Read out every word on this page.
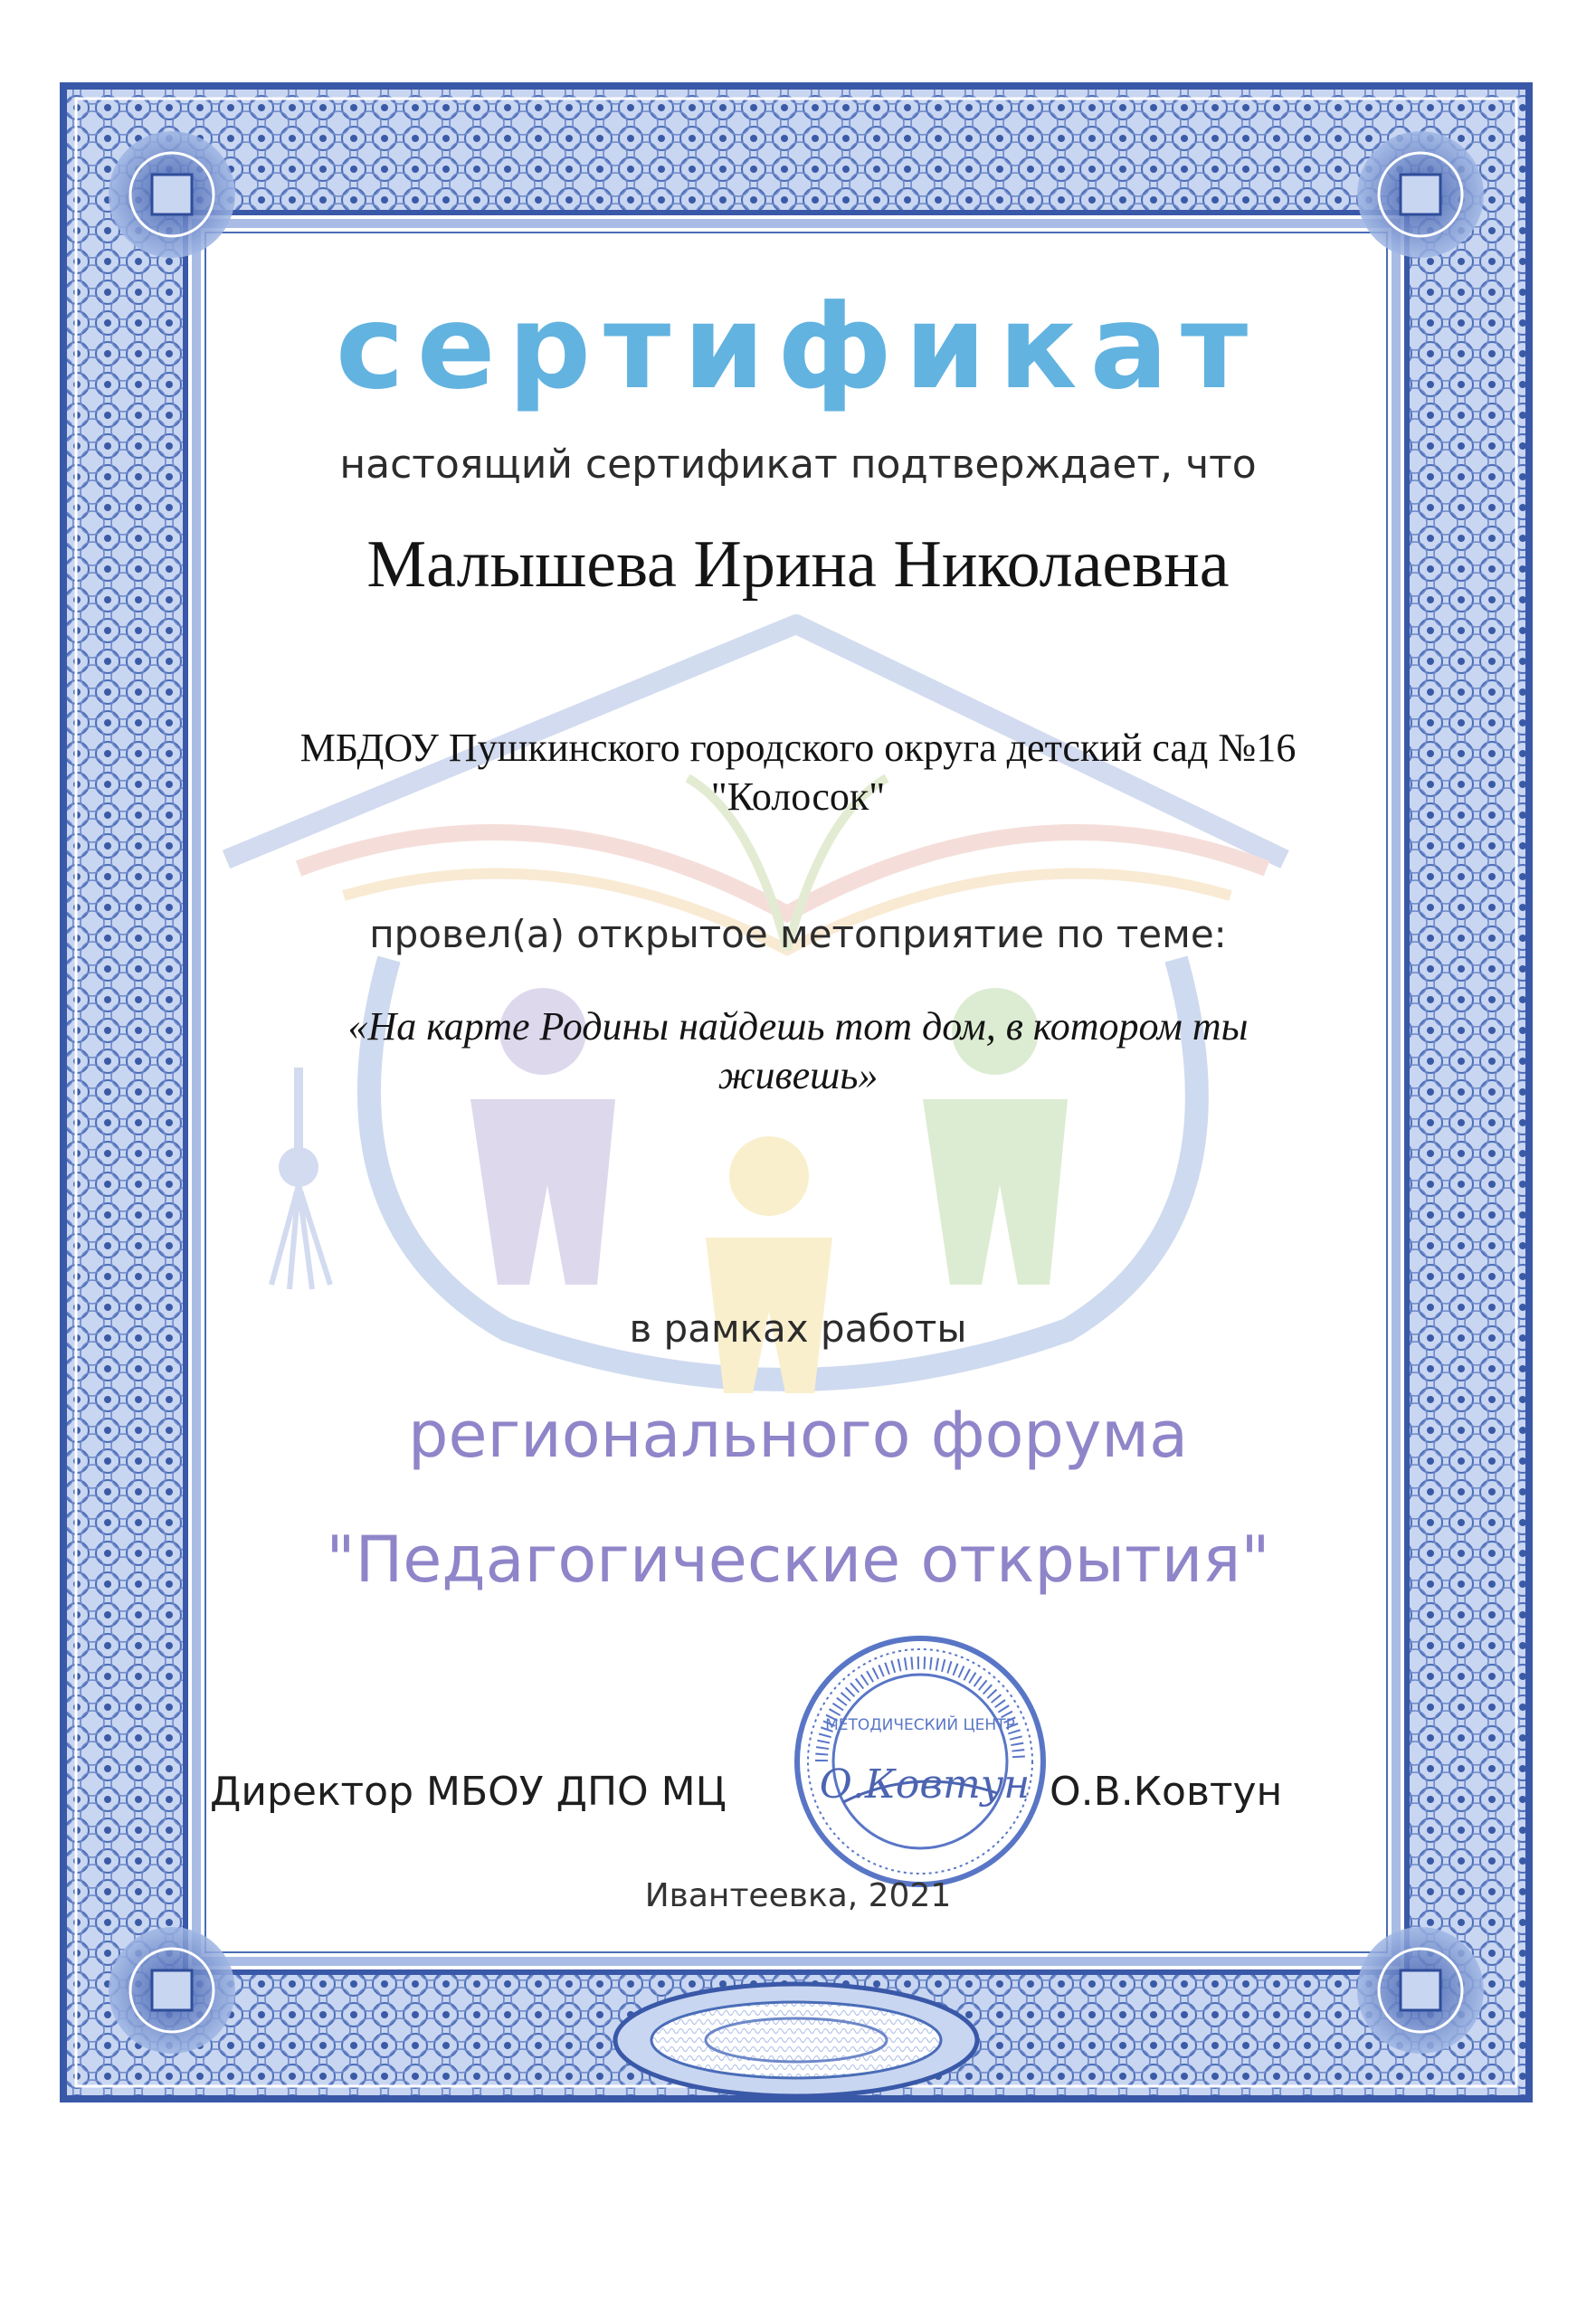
сертификат
настоящий сертификат подтверждает, что
Малышева Ирина Николаевна
МБДОУ Пушкинского городского округа детский сад №16 "Колосок"
провел(а) открытое метоприятие по теме:
«На карте Родины найдешь тот дом, в котором ты живешь»
в рамках работы
регионального форума
"Педагогические открытия"
МЕТОДИЧЕСКИЙ ЦЕНТР
О.Ковтун
Директор МБОУ ДПО МЦ	О.В.Ковтун
Ивантеевка, 2021
